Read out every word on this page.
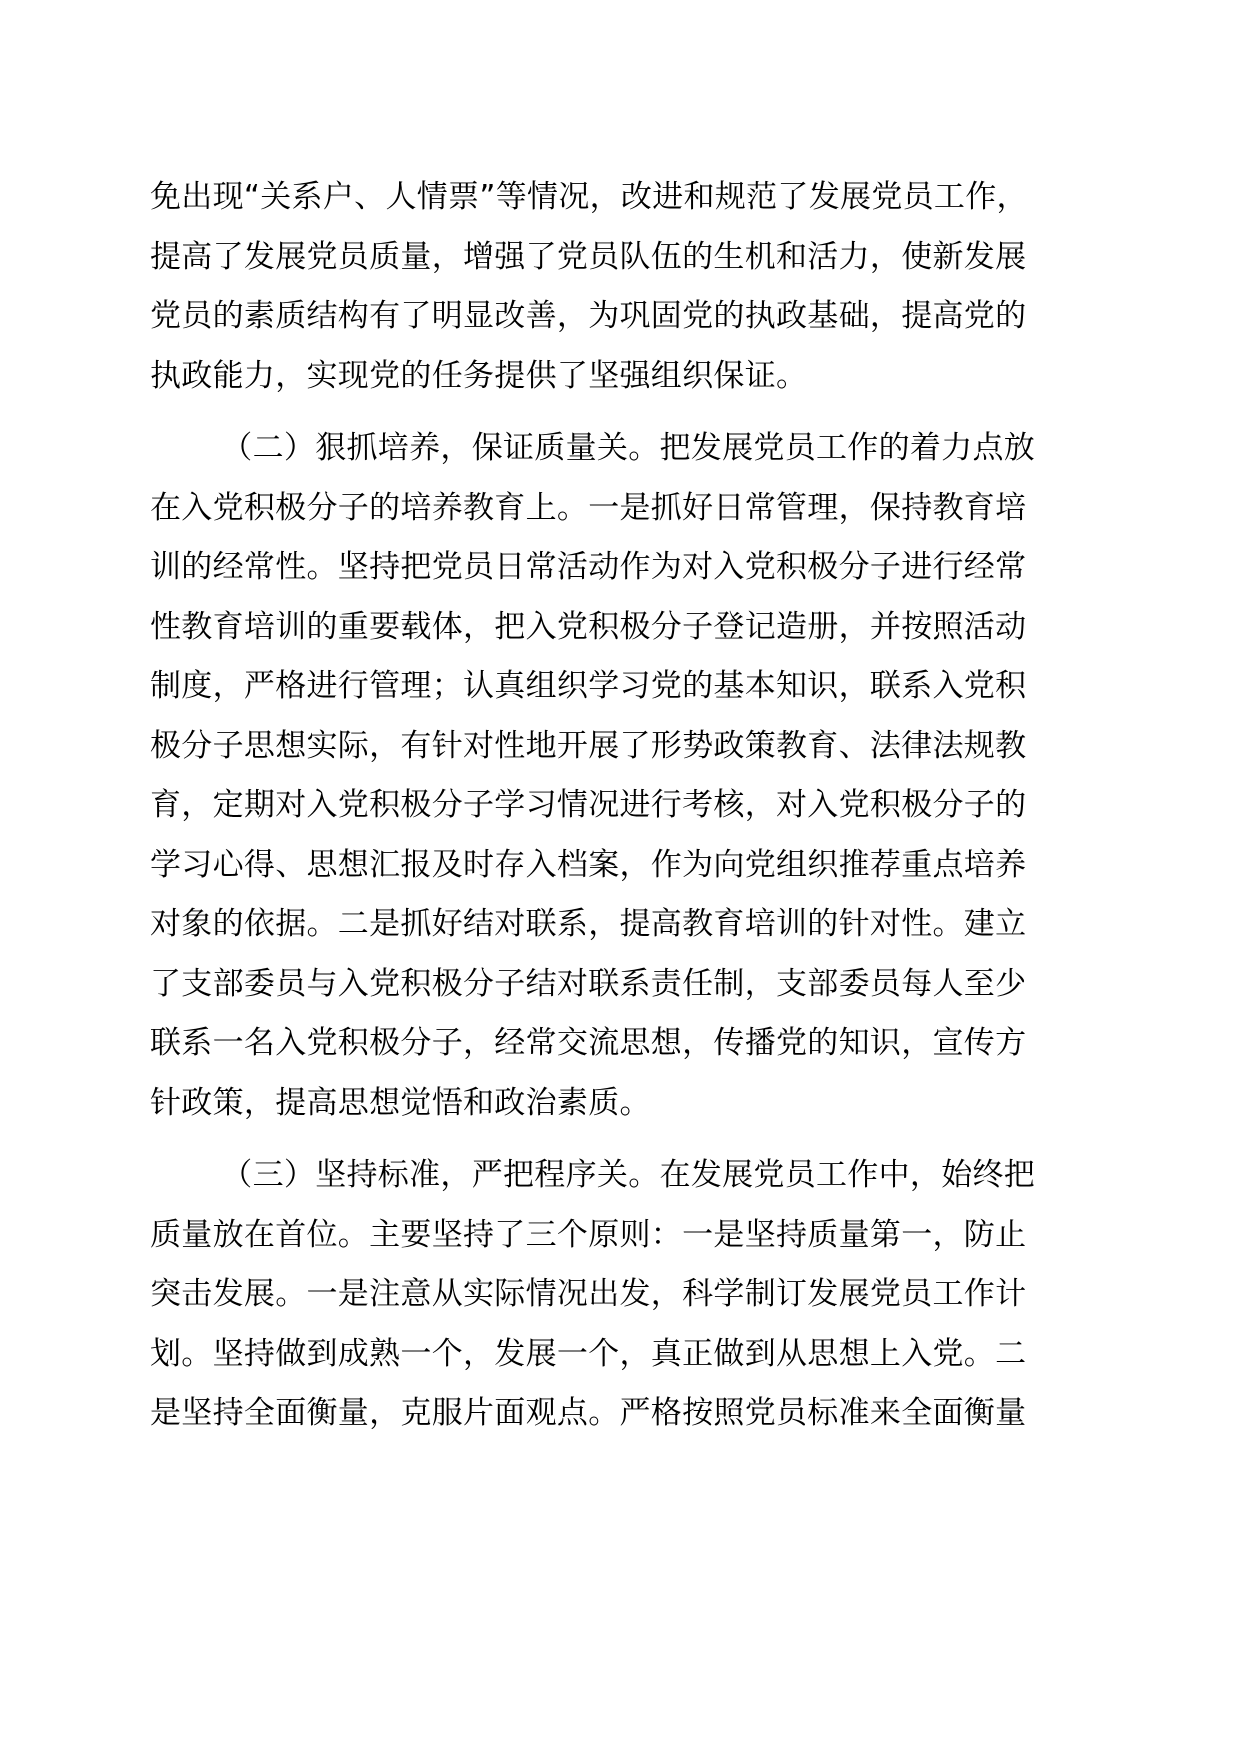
免出现“关系户、人情票”等情况，改进和规范了发展党员工作，
提高了发展党员质量，增强了党员队伍的生机和活力，使新发展
党员的素质结构有了明显改善，为巩固党的执政基础，提高党的
执政能力，实现党的任务提供了坚强组织保证。

（二）狠抓培养，保证质量关。把发展党员工作的着力点放
在入党积极分子的培养教育上。一是抓好日常管理，保持教育培
训的经常性。坚持把党员日常活动作为对入党积极分子进行经常
性教育培训的重要载体，把入党积极分子登记造册，并按照活动
制度，严格进行管理；认真组织学习党的基本知识，联系入党积
极分子思想实际，有针对性地开展了形势政策教育、法律法规教
育，定期对入党积极分子学习情况进行考核，对入党积极分子的
学习心得、思想汇报及时存入档案，作为向党组织推荐重点培养
对象的依据。二是抓好结对联系，提高教育培训的针对性。建立
了支部委员与入党积极分子结对联系责任制，支部委员每人至少
联系一名入党积极分子，经常交流思想，传播党的知识，宣传方
针政策，提高思想觉悟和政治素质。

（三）坚持标准，严把程序关。在发展党员工作中，始终把
质量放在首位。主要坚持了三个原则：一是坚持质量第一，防止
突击发展。一是注意从实际情况出发，科学制订发展党员工作计
划。坚持做到成熟一个，发展一个，真正做到从思想上入党。二
是坚持全面衡量，克服片面观点。严格按照党员标准来全面衡量
